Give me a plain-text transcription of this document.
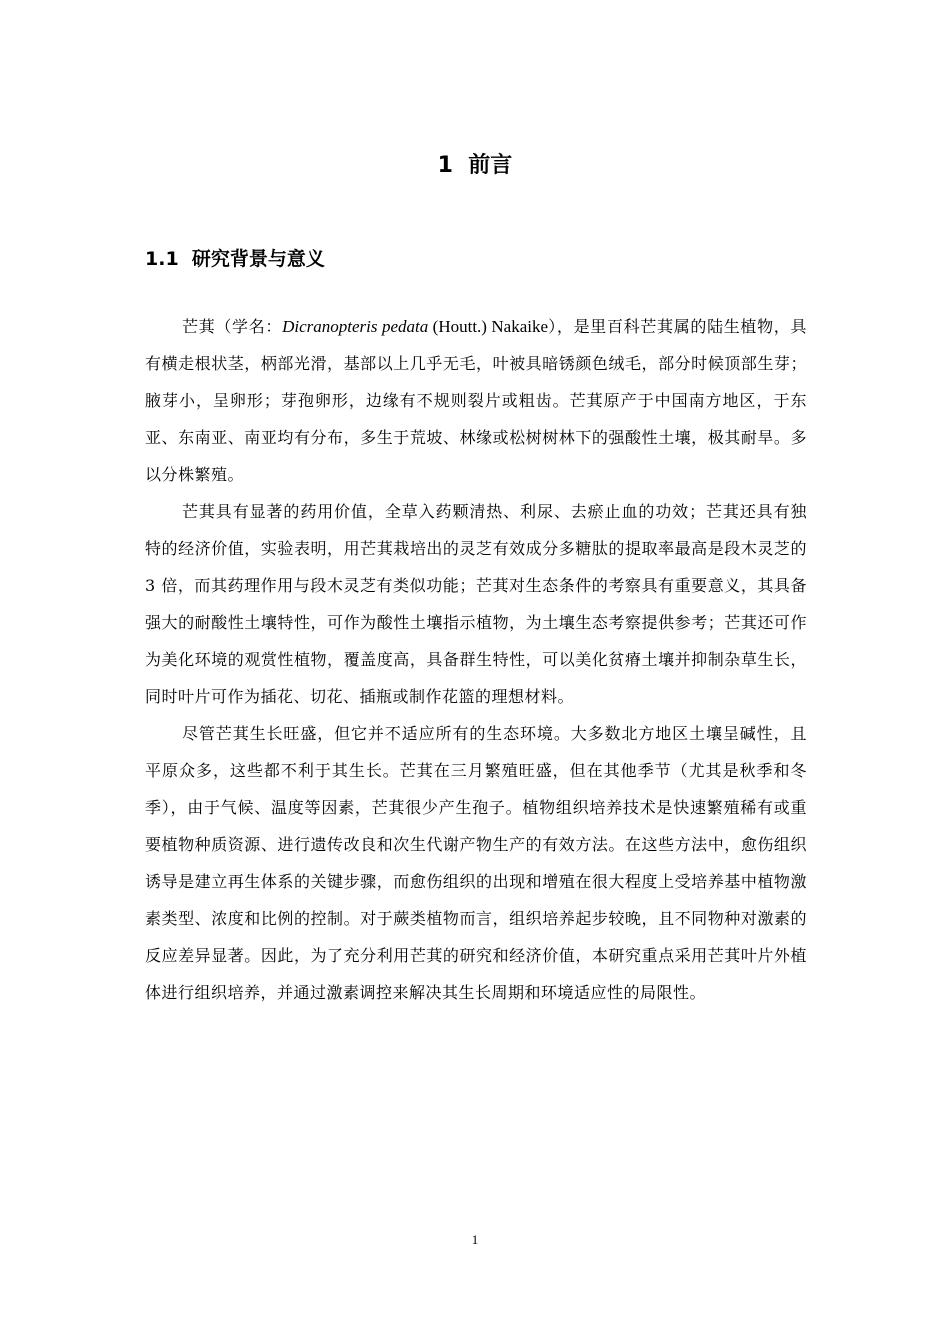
1  前言
1.1  研究背景与意义

芒萁（学名：Dicranopteris pedata (Houtt.) Nakaike），是里百科芒萁属的陆生植物，具有横走根状茎，柄部光滑，基部以上几乎无毛，叶被具暗锈颜色绒毛，部分时候顶部生芽；腋芽小，呈卵形；芽孢卵形，边缘有不规则裂片或粗齿。芒萁原产于中国南方地区，于东亚、东南亚、南亚均有分布，多生于荒坡、林缘或松树树林下的强酸性土壤，极其耐旱。多以分株繁殖。

芒萁具有显著的药用价值，全草入药颗清热、利尿、去瘀止血的功效；芒萁还具有独特的经济价值，实验表明，用芒萁栽培出的灵芝有效成分多糖肽的提取率最高是段木灵芝的 3 倍，而其药理作用与段木灵芝有类似功能；芒萁对生态条件的考察具有重要意义，其具备强大的耐酸性土壤特性，可作为酸性土壤指示植物，为土壤生态考察提供参考；芒萁还可作为美化环境的观赏性植物，覆盖度高，具备群生特性，可以美化贫瘠土壤并抑制杂草生长，同时叶片可作为插花、切花、插瓶或制作花篮的理想材料。

尽管芒萁生长旺盛，但它并不适应所有的生态环境。大多数北方地区土壤呈碱性，且平原众多，这些都不利于其生长。芒萁在三月繁殖旺盛，但在其他季节（尤其是秋季和冬季），由于气候、温度等因素，芒萁很少产生孢子。植物组织培养技术是快速繁殖稀有或重要植物种质资源、进行遗传改良和次生代谢产物生产的有效方法。在这些方法中，愈伤组织诱导是建立再生体系的关键步骤，而愈伤组织的出现和增殖在很大程度上受培养基中植物激素类型、浓度和比例的控制。对于蕨类植物而言，组织培养起步较晚，且不同物种对激素的反应差异显著。因此，为了充分利用芒萁的研究和经济价值，本研究重点采用芒萁叶片外植体进行组织培养，并通过激素调控来解决其生长周期和环境适应性的局限性。

1
